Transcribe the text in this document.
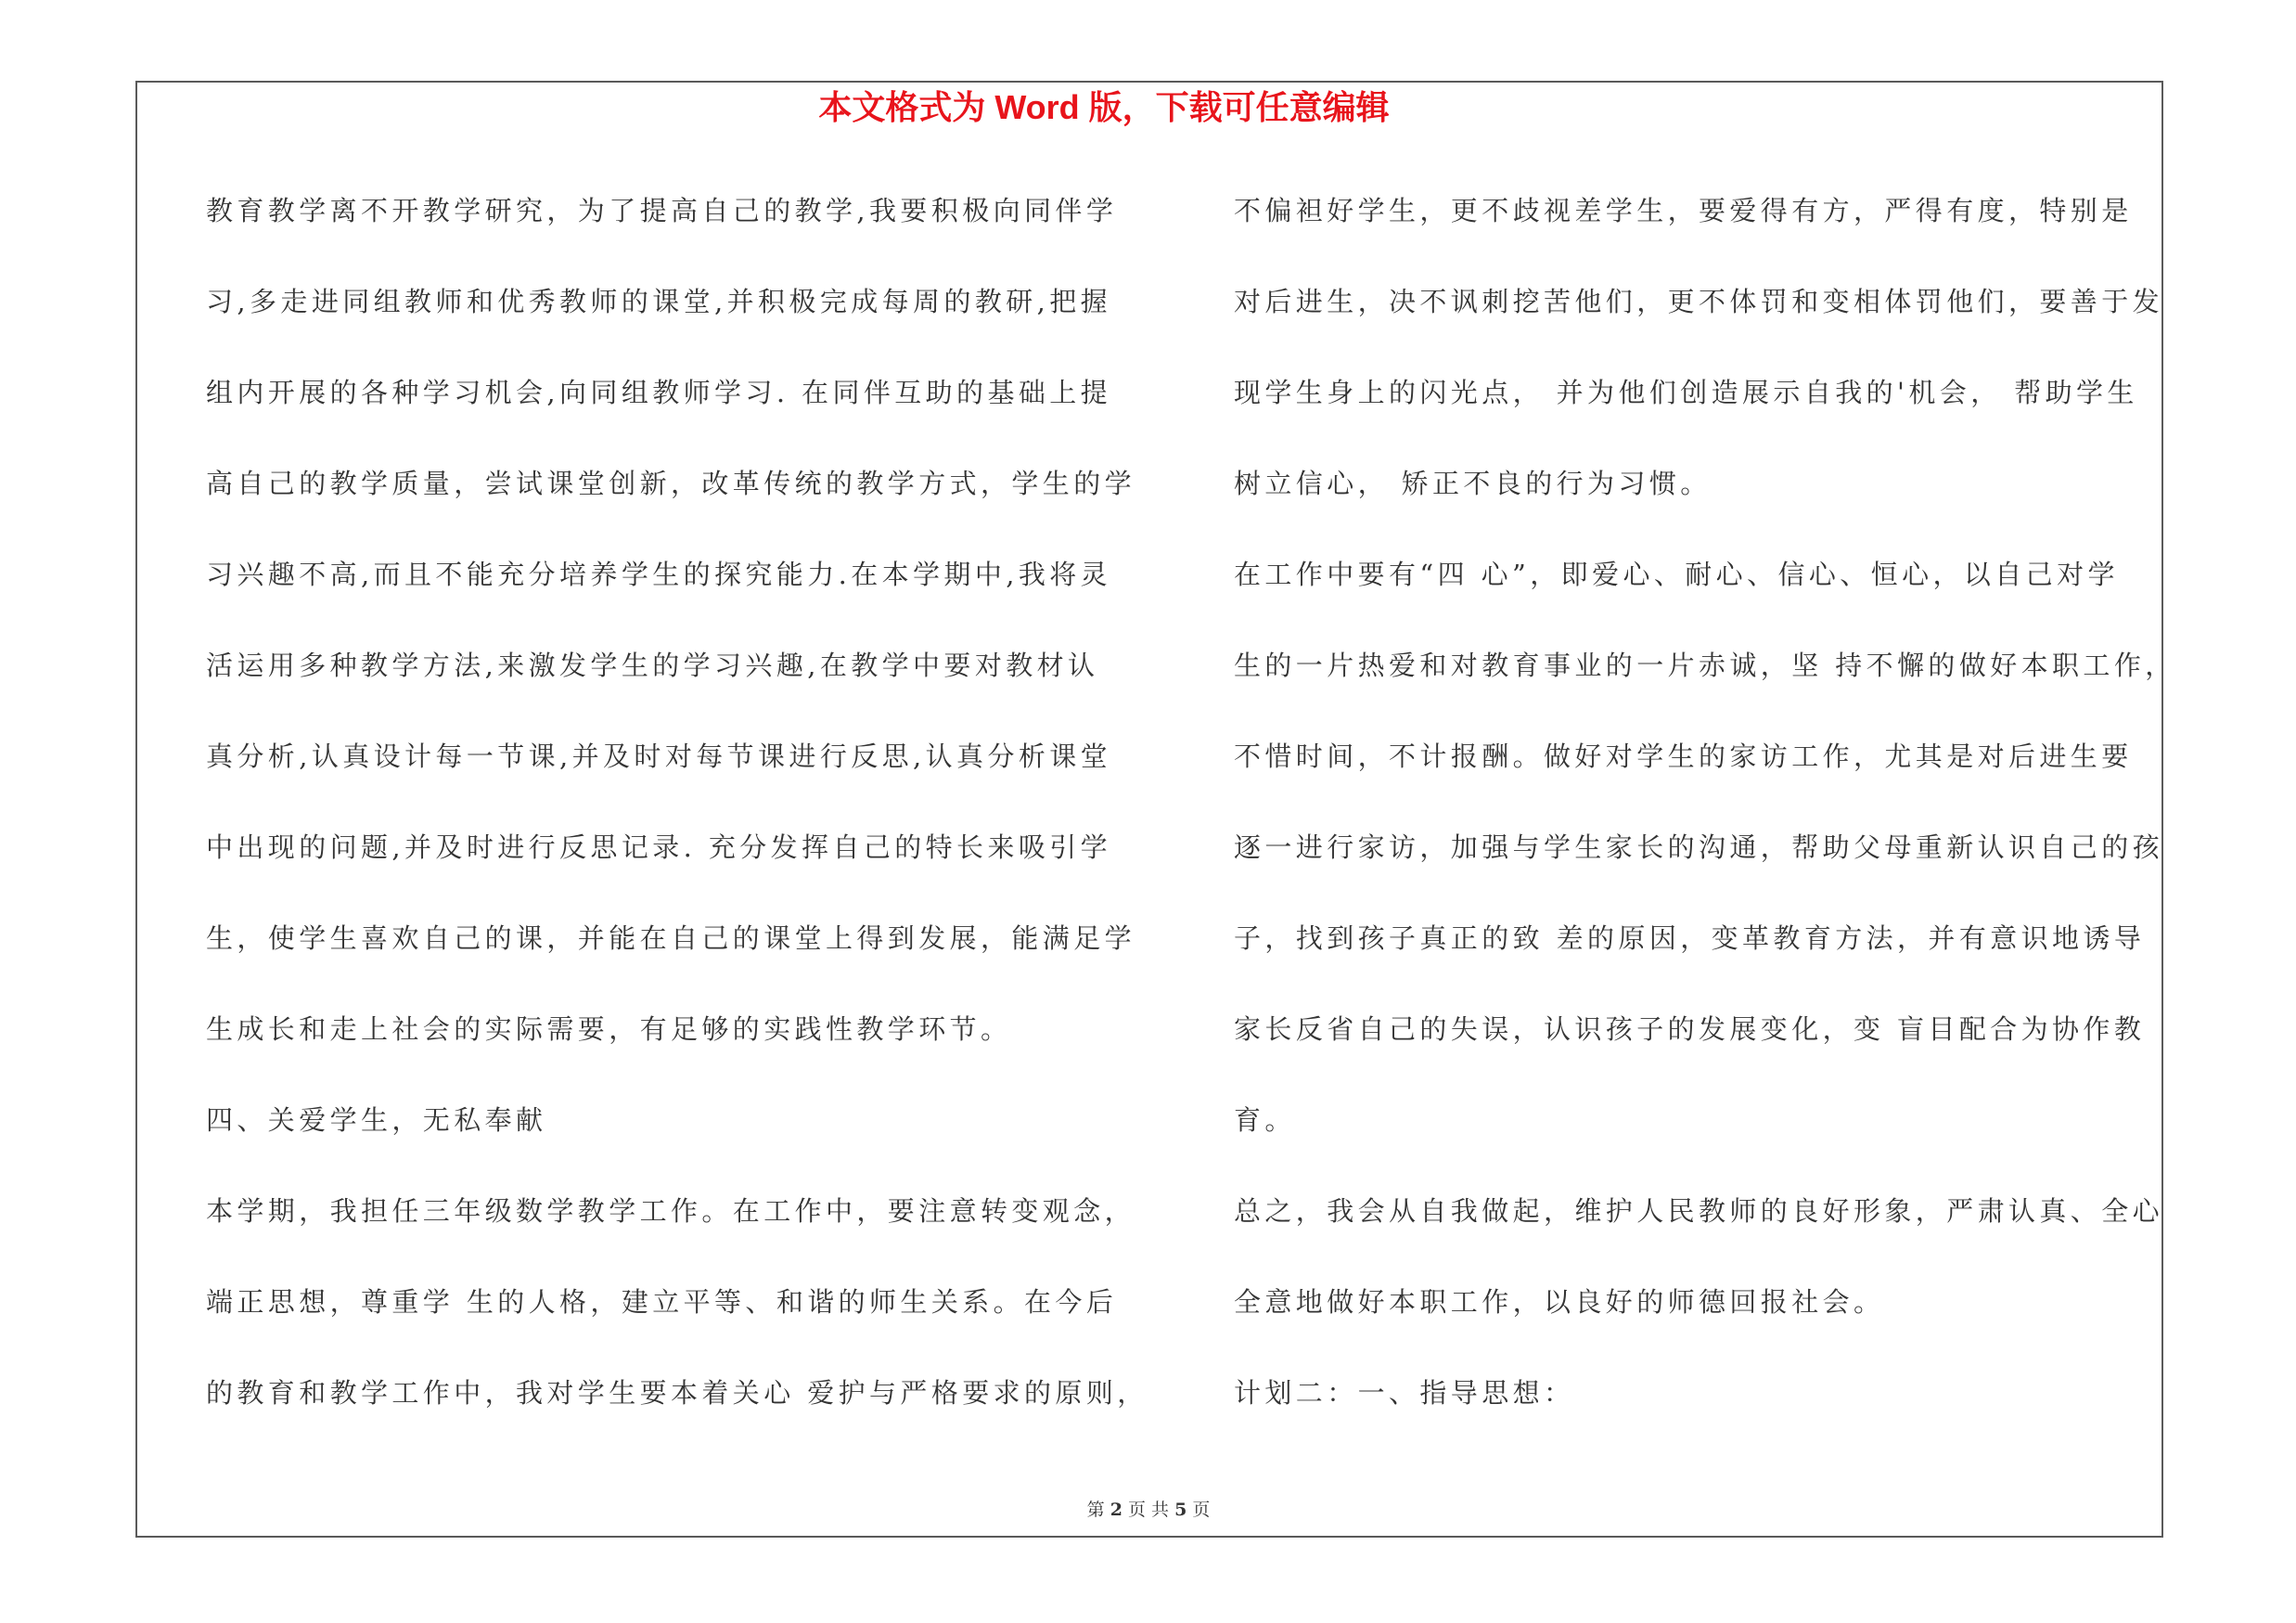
本文格式为 Word 版，下载可任意编辑
教育教学离不开教学研究，为了提高自己的教学,我要积极向同伴学
习,多走进同组教师和优秀教师的课堂,并积极完成每周的教研,把握
组内开展的各种学习机会,向同组教师学习. 在同伴互助的基础上提
高自己的教学质量，尝试课堂创新，改革传统的教学方式，学生的学
习兴趣不高,而且不能充分培养学生的探究能力.在本学期中,我将灵
活运用多种教学方法,来激发学生的学习兴趣,在教学中要对教材认
真分析,认真设计每一节课,并及时对每节课进行反思,认真分析课堂
中出现的问题,并及时进行反思记录. 充分发挥自己的特长来吸引学
生，使学生喜欢自己的课，并能在自己的课堂上得到发展，能满足学
生成长和走上社会的实际需要，有足够的实践性教学环节。
四、关爱学生，无私奉献
本学期，我担任三年级数学教学工作。在工作中，要注意转变观念，
端正思想，尊重学 生的人格，建立平等、和谐的师生关系。在今后
的教育和教学工作中，我对学生要本着关心 爱护与严格要求的原则，
不偏袒好学生，更不歧视差学生，要爱得有方，严得有度，特别是
对后进生，决不讽刺挖苦他们，更不体罚和变相体罚他们，要善于发
现学生身上的闪光点， 并为他们创造展示自我的'机会， 帮助学生
树立信心， 矫正不良的行为习惯。
在工作中要有“四 心”，即爱心、耐心、信心、恒心，以自己对学
生的一片热爱和对教育事业的一片赤诚，坚 持不懈的做好本职工作，
不惜时间，不计报酬。做好对学生的家访工作，尤其是对后进生要
逐一进行家访，加强与学生家长的沟通，帮助父母重新认识自己的孩
子，找到孩子真正的致 差的原因，变革教育方法，并有意识地诱导
家长反省自己的失误，认识孩子的发展变化，变 盲目配合为协作教
育。
总之，我会从自我做起，维护人民教师的良好形象，严肃认真、全心
全意地做好本职工作，以良好的师德回报社会。
计划二：一、指导思想：
第 2 页 共 5 页
